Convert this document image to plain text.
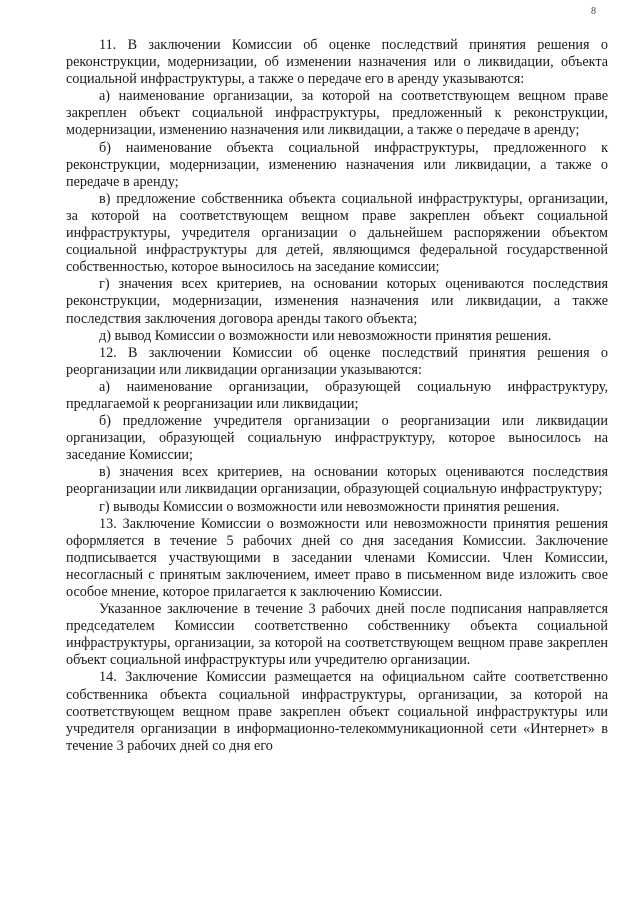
8

11. В заключении Комиссии об оценке последствий принятия решения о реконструкции, модернизации, об изменении назначения или о ликвидации, объекта социальной инфраструктуры, а также о передаче его в аренду указываются:

а) наименование организации, за которой на соответствующем вещном праве закреплен объект социальной инфраструктуры, предложенный к реконструкции, модернизации, изменению назначения или ликвидации, а также о передаче в аренду;

б) наименование объекта социальной инфраструктуры, предложенного к реконструкции, модернизации, изменению назначения или ликвидации, а также о передаче в аренду;

в) предложение собственника объекта социальной инфраструктуры, организации, за которой на соответствующем вещном праве закреплен объект социальной инфраструктуры, учредителя организации о дальнейшем распоряжении объектом социальной инфраструктуры для детей, являющимся федеральной государственной собственностью, которое выносилось на заседание комиссии;

г) значения всех критериев, на основании которых оцениваются последствия реконструкции, модернизации, изменения назначения или ликвидации, а также последствия заключения договора аренды такого объекта;

д) вывод Комиссии о возможности или невозможности принятия решения.

12. В заключении Комиссии об оценке последствий принятия решения о реорганизации или ликвидации организации указываются:

а) наименование организации, образующей социальную инфраструктуру, предлагаемой к реорганизации или ликвидации;

б) предложение учредителя организации о реорганизации или ликвидации организации, образующей социальную инфраструктуру, которое выносилось на заседание Комиссии;

в) значения всех критериев, на основании которых оцениваются последствия реорганизации или ликвидации организации, образующей социальную инфраструктуру;

г) выводы Комиссии о возможности или невозможности принятия решения.

13. Заключение Комиссии о возможности или невозможности принятия решения оформляется в течение 5 рабочих дней со дня заседания Комиссии. Заключение подписывается участвующими в заседании членами Комиссии. Член Комиссии, несогласный с принятым заключением, имеет право в письменном виде изложить свое особое мнение, которое прилагается к заключению Комиссии.

Указанное заключение в течение 3 рабочих дней после подписания направляется председателем Комиссии соответственно собственнику объекта социальной инфраструктуры, организации, за которой на соответствующем вещном праве закреплен объект социальной инфраструктуры или учредителю организации.

14. Заключение Комиссии размещается на официальном сайте соответственно собственника объекта социальной инфраструктуры, организации, за которой на соответствующем вещном праве закреплен объект социальной инфраструктуры или учредителя организации в информационно-телекоммуникационной сети «Интернет» в течение 3 рабочих дней со дня его
